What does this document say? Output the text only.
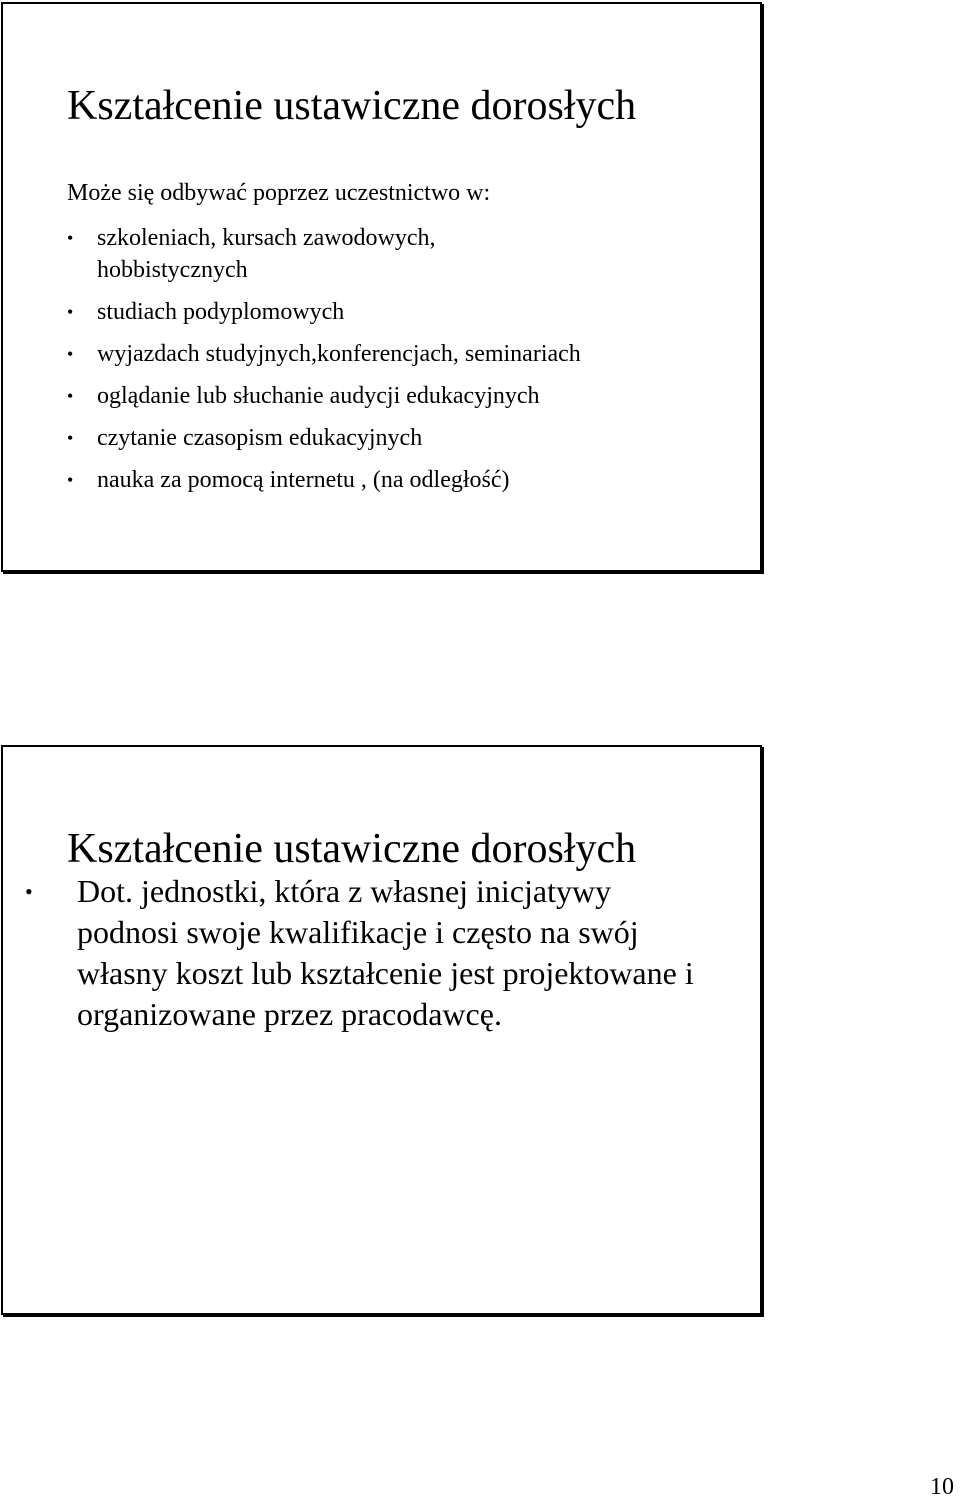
Kształcenie ustawiczne dorosłych
Może się odbywać poprzez uczestnictwo w:
• szkoleniach, kursach zawodowych, hobbistycznych
• studiach podyplomowych
• wyjazdach studyjnych,konferencjach, seminariach
• oglądanie lub słuchanie audycji edukacyjnych
• czytanie czasopism edukacyjnych
• nauka za pomocą internetu , (na odległość)
Kształcenie ustawiczne dorosłych
• Dot. jednostki, która z własnej inicjatywy podnosi swoje kwalifikacje i często na swój własny koszt lub kształcenie jest projektowane i organizowane przez pracodawcę.
10
